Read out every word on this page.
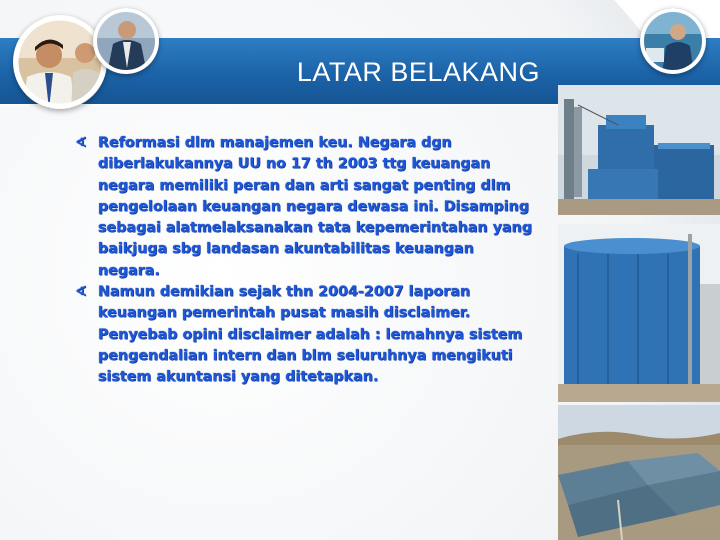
LATAR BELAKANG
∢ Reformasi dlm manajemen keu. Negara dgn diberlakukannya UU no 17 th 2003 ttg keuangan negara memiliki peran dan arti sangat penting dlm pengelolaan keuangan negara dewasa ini. Disamping sebagai alatmelaksanakan tata kepemerintahan yang baikjuga sbg landasan akuntabilitas keuangan negara.
∢ Namun demikian sejak thn 2004-2007 laporan keuangan pemerintah pusat masih disclaimer. Penyebab opini disclaimer adalah : lemahnya sistem pengendalian intern dan blm seluruhnya mengikuti sistem akuntansi yang ditetapkan.
